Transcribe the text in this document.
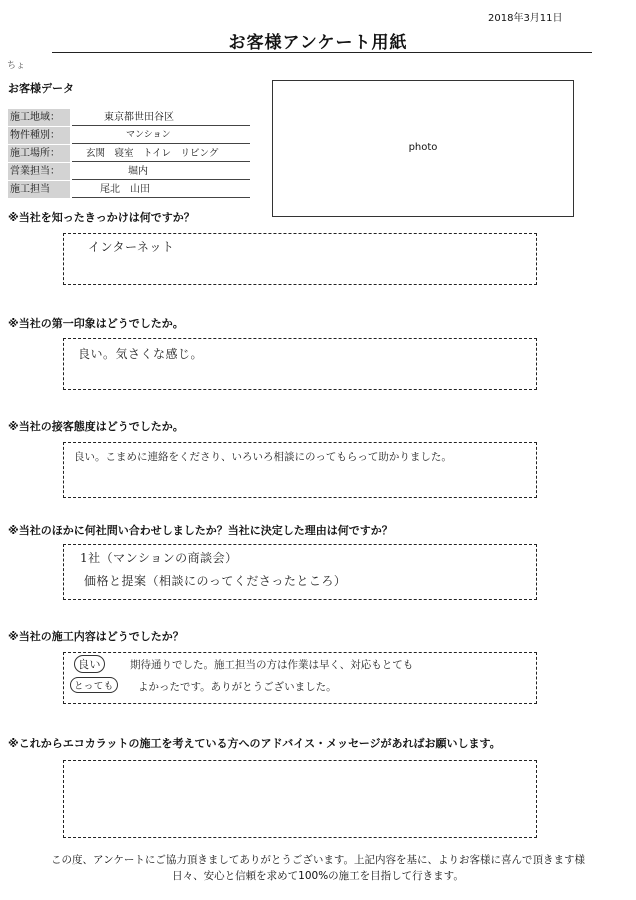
2018年3月11日
お客様アンケート用紙
ちょ
お客様データ
施工地域：	東京都世田谷区
物件種別：	マンション
施工場所：	玄関　寝室　トイレ　リビング
営業担当：	堀内
施工担当	尾北　山田
photo
※当社を知ったきっかけは何ですか？
インターネット
※当社の第一印象はどうでしたか。
良い。気さくな感じ。
※当社の接客態度はどうでしたか。
良い。こまめに連絡をくださり、いろいろ相談にのってもらって助かりました。
※当社のほかに何社問い合わせしましたか？当社に決定した理由は何ですか？
1社（マンションの商談会）
価格と提案（相談にのってくださったところ）
※当社の施工内容はどうでしたか？
良い
とっても
期待通りでした。施工担当の方は作業は早く、対応もとても
よかったです。ありがとうございました。
※これからエコカラットの施工を考えている方へのアドバイス・メッセージがあればお願いします。
この度、アンケートにご協力頂きましてありがとうございます。上記内容を基に、よりお客様に喜んで頂きます様
日々、安心と信頼を求めて100%の施工を目指して行きます。
